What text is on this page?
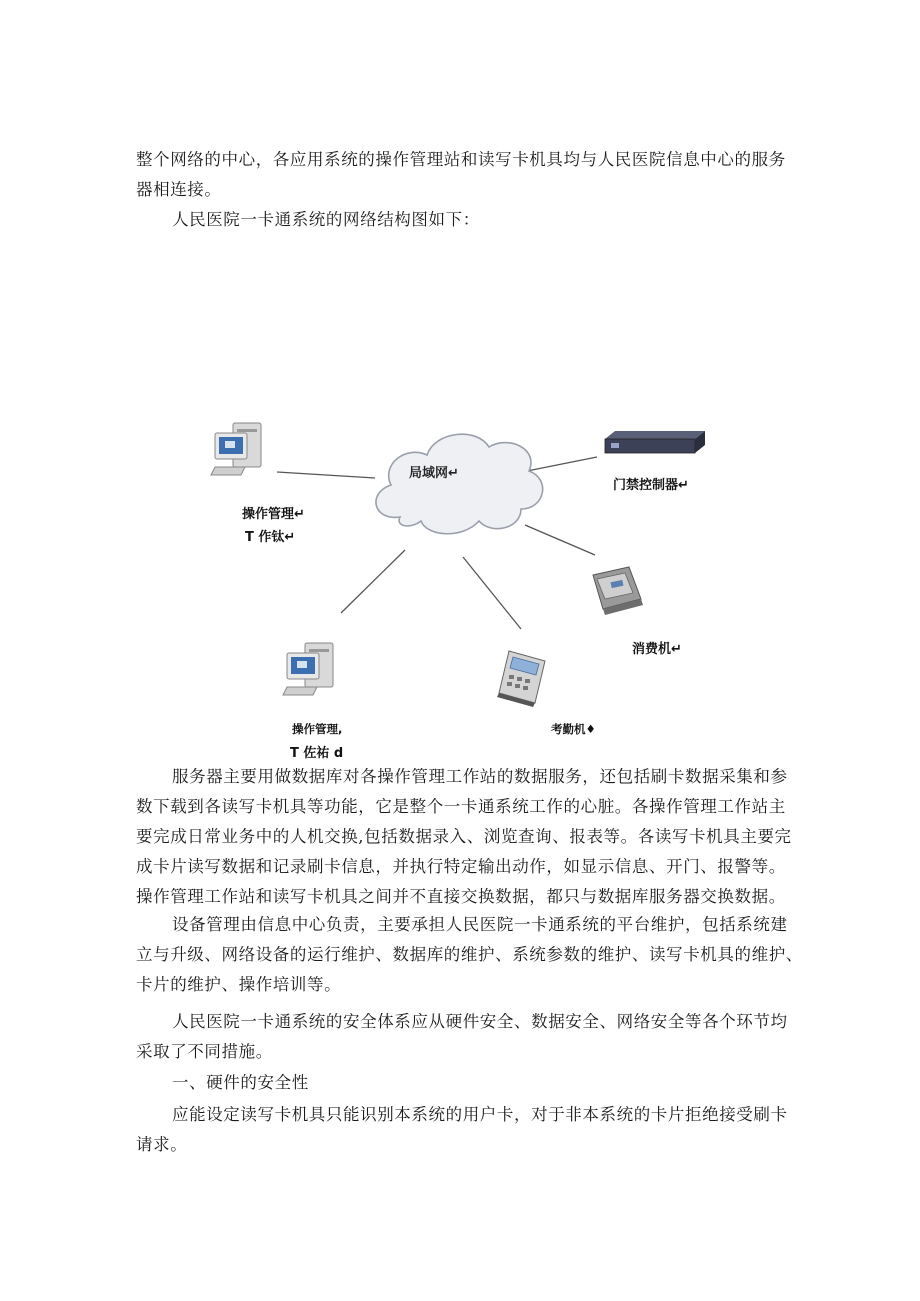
整个网络的中心，各应用系统的操作管理站和读写卡机具均与人民医院信息中心的服务
器相连接。
人民医院一卡通系统的网络结构图如下：
局域网↵
操作管理↵
T 作钛↵
门禁控制器↵
消费机↵
操作管理,
T 佐祐 d
考勤机♦
服务器主要用做数据库对各操作管理工作站的数据服务，还包括刷卡数据采集和参
数下载到各读写卡机具等功能，它是整个一卡通系统工作的心脏。各操作管理工作站主
要完成日常业务中的人机交换,包括数据录入、浏览查询、报表等。各读写卡机具主要完
成卡片读写数据和记录刷卡信息，并执行特定输出动作，如显示信息、开门、报警等。
操作管理工作站和读写卡机具之间并不直接交换数据，都只与数据库服务器交换数据。
设备管理由信息中心负责，主要承担人民医院一卡通系统的平台维护，包括系统建
立与升级、网络设备的运行维护、数据库的维护、系统参数的维护、读写卡机具的维护、
卡片的维护、操作培训等。
人民医院一卡通系统的安全体系应从硬件安全、数据安全、网络安全等各个环节均
采取了不同措施。
一、硬件的安全性
应能设定读写卡机具只能识别本系统的用户卡，对于非本系统的卡片拒绝接受刷卡
请求。
